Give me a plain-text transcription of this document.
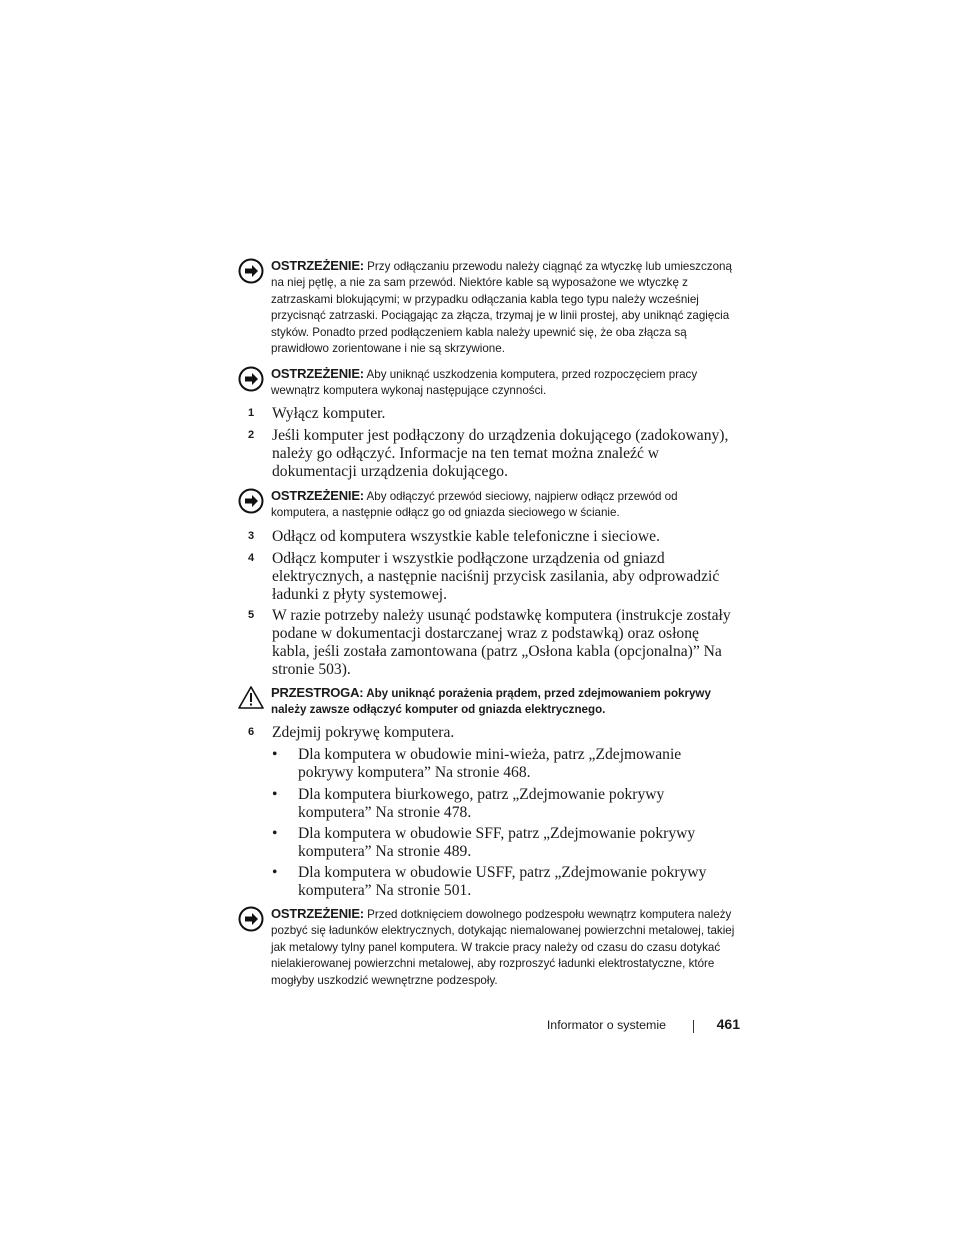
OSTRZEŻENIE: Przy odłączaniu przewodu należy ciągnąć za wtyczkę lub umieszczoną na niej pętlę, a nie za sam przewód. Niektóre kable są wyposażone we wtyczkę z zatrzaskami blokującymi; w przypadku odłączania kabla tego typu należy wcześniej przycisnąć zatrzaski. Pociągając za złącza, trzymaj je w linii prostej, aby uniknąć zagięcia styków. Ponadto przed podłączeniem kabla należy upewnić się, że oba złącza są prawidłowo zorientowane i nie są skrzywione.
OSTRZEŻENIE: Aby uniknąć uszkodzenia komputera, przed rozpoczęciem pracy wewnątrz komputera wykonaj następujące czynności.
1	Wyłącz komputer.
2	Jeśli komputer jest podłączony do urządzenia dokującego (zadokowany), należy go odłączyć. Informacje na ten temat można znaleźć w dokumentacji urządzenia dokującego.
OSTRZEŻENIE: Aby odłączyć przewód sieciowy, najpierw odłącz przewód od komputera, a następnie odłącz go od gniazda sieciowego w ścianie.
3	Odłącz od komputera wszystkie kable telefoniczne i sieciowe.
4	Odłącz komputer i wszystkie podłączone urządzenia od gniazd elektrycznych, a następnie naciśnij przycisk zasilania, aby odprowadzić ładunki z płyty systemowej.
5	W razie potrzeby należy usunąć podstawkę komputera (instrukcje zostały podane w dokumentacji dostarczanej wraz z podstawką) oraz osłonę kabla, jeśli została zamontowana (patrz „Osłona kabla (opcjonalna)” Na stronie 503).
PRZESTROGA: Aby uniknąć porażenia prądem, przed zdejmowaniem pokrywy należy zawsze odłączyć komputer od gniazda elektrycznego.
6	Zdejmij pokrywę komputera.
• Dla komputera w obudowie mini-wieża, patrz „Zdejmowanie pokrywy komputera” Na stronie 468.
• Dla komputera biurkowego, patrz „Zdejmowanie pokrywy komputera” Na stronie 478.
• Dla komputera w obudowie SFF, patrz „Zdejmowanie pokrywy komputera” Na stronie 489.
• Dla komputera w obudowie USFF, patrz „Zdejmowanie pokrywy komputera” Na stronie 501.
OSTRZEŻENIE: Przed dotknięciem dowolnego podzespołu wewnątrz komputera należy pozbyć się ładunków elektrycznych, dotykając niemalowanej powierzchni metalowej, takiej jak metalowy tylny panel komputera. W trakcie pracy należy od czasu do czasu dotykać nielakierowanej powierzchni metalowej, aby rozproszyć ładunki elektrostatyczne, które mogłyby uszkodzić wewnętrzne podzespoły.
Informator o systemie	461
